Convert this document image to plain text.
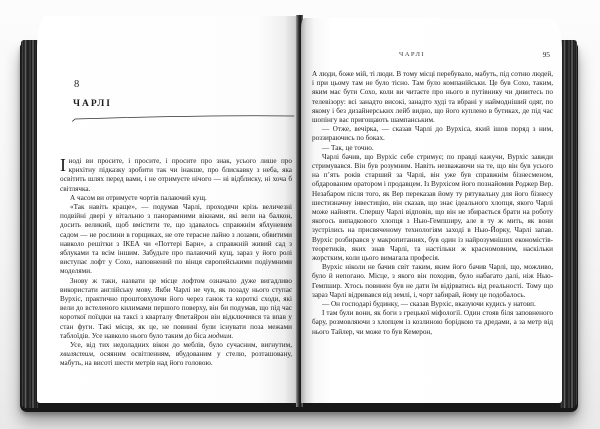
8
ЧАРЛІ

Іноді ви просите, і просите, і просите про знак, усього лише про крихітну підказку зробити так чи інакше, про блискавку з неба, яка освітить шлях перед вами, і не отримуєте нічого — ні відблиску, ні хоча б світлячка.

А часом ви отримуєте чортів палаючий кущ.

«Так навіть краще», — подумав Чарлі, проходячи крізь величезні подвійні двері у вітальню з панорамними вікнами, які вели на балкон, досить великий, щоб вмістити те, що здавалось справжнім яблуневим садом — не рослини в горщиках, не оте терасне лайно з лозами, обвитими навколо решітки з ІКЕА чи «Поттері Барн», а справжній живий сад з яблуками та всім іншим. Забудьте про палаючий кущ, зараз у його ролі виступає лофт у Сохо, наповнений по вінця європейськими подіумними моделями.

Знову ж таки, назвати це місце лофтом означало дуже вигадливо використати англійську мову. Якби Чарлі не чув, як позаду нього ступає Вурхіс, практично проштовхуючи його через ганок та короткі сходи, які вели до встеленого килимами першого поверху, він би подумав, що під час короткої поїздки на таксі з кварталу Флетайрон він відключився та впав у стан фуги. Такі місця, як це, не повинні були існувати поза межами таблоїдів. Усе навколо нього було таким до біса модним.

Усе, від тих недоладних вікон до меблів, було сучасним, вигнутим, хвилястим, осяяним освітленням, вбудованим у стелю, розташовану, мабуть, на висоті шести метрів над його головою.

ЧАРЛІ	95

А люди, боже мій, ті люди. В тому місці перебувало, мабуть, під сотню людей, і при цьому там не було тісно. Там було компанійськи. Це був Сохо, таким, яким має бути Сохо, коли ви читаєте про нього в путівнику чи дивитесь по телевізору: всі занадто високі, занадто худі та вбрані у наймодніший одяг, по якому і без дизайнерських лейб видно, що його куплено в бутиках, де під час шопінгу вас пригощають шампанським.

— Отже, вечірка, — сказав Чарлі до Вурхіса, який ішов поряд з ним, роззираючись по боках.

— Так, це точно.

Чарлі бачив, що Вурхіс себе стримує; по правді кажучи, Вурхіс завжди стримувався. Він був розумним. Навіть незважаючи на те, що він був усього на п’ять років старший за Чарлі, він уже був справжнім бізнесменом, обдарованим оратором і продавцем. Із Вурхісом його познайомив Роджер Вер. Незабаром після того, як Вер переказав йому ту рятувальну для його бізнесу шестизначну інвестицію, він сказав, що знає ідеального хлопця, якого Чарлі може найняти. Спершу Чарлі відповів, що він не збирається брати на роботу якогось випадкового хлопця з Нью-Гемпширу, але в ту ж мить, як вони зустрілись на присвяченому технологіям заході в Нью-Йорку, Чарлі запав. Вурхіс розбирався у макропитаннях, був один із найрозумніших економістів-теоретиків, яких знав Чарлі, та настільки ж красномовним, наскільки жорстким, коли цього вимагала професія.

Вурхіс ніколи не бачив світ таким, яким його бачив Чарлі, що, можливо, було й непогано. Місце, з якого він походив, було набагато далі, ніж Нью-Гемпшир. Хтось повинен був не дати їм відірватись від реальності. Тому що зараз Чарлі відривався від землі, і, чорт забирай, йому це подобалось.

— Он господарі будинку, — сказав Вурхіс, вказуючи кудись у натовп.

І там були вони, як боги з грецької міфології. Один стояв біля заповненого бару, розмовляючи з хлопцем із козлиною борідкою та дредами, а за метр від нього Тайлер, чи може то був Кемерон,
